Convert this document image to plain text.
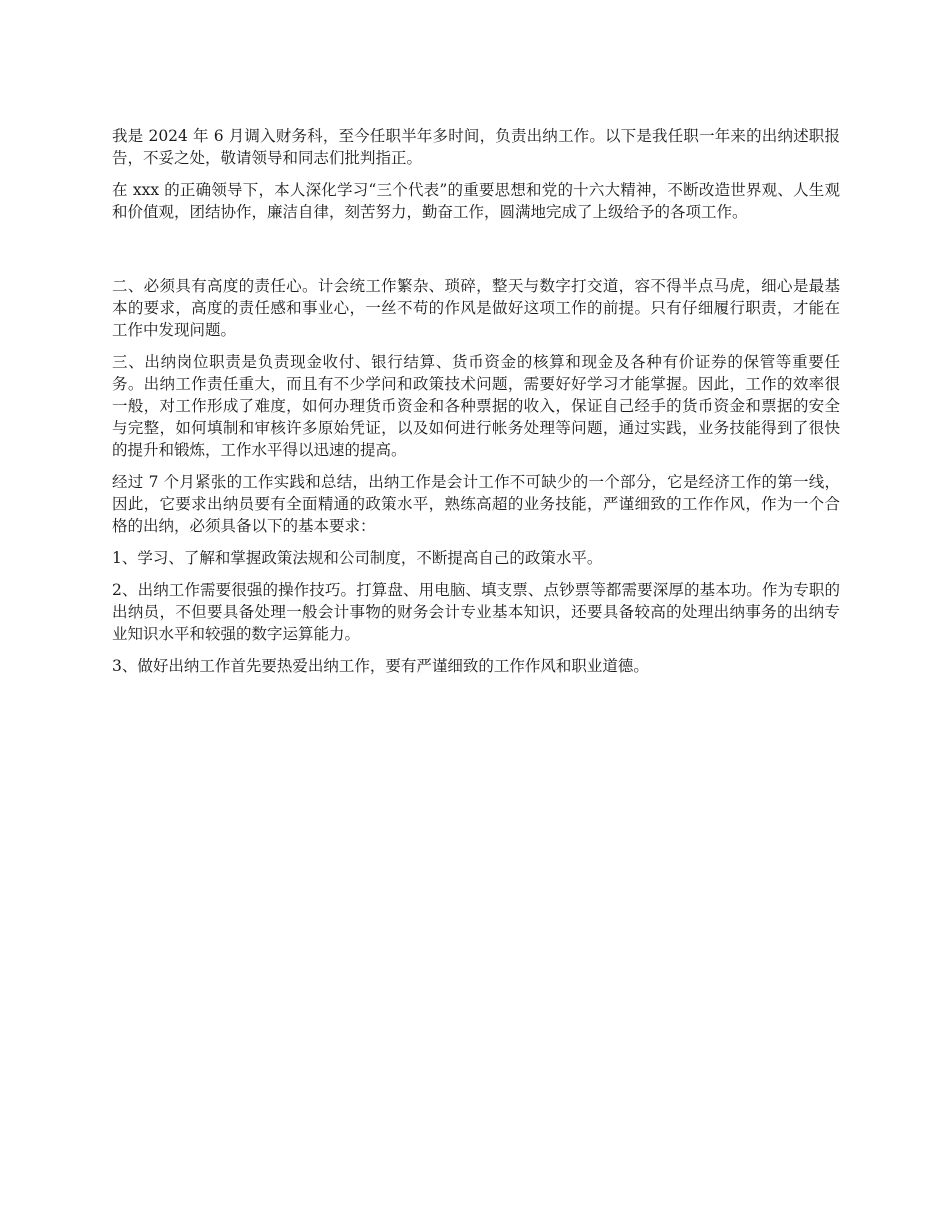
我是 2024 年 6 月调入财务科，至今任职半年多时间，负责出纳工作。以下是我任职一年来的出纳述职报告，不妥之处，敬请领导和同志们批判指正。

在 xxx 的正确领导下，本人深化学习“三个代表”的重要思想和党的十六大精神，不断改造世界观、人生观和价值观，团结协作，廉洁自律，刻苦努力，勤奋工作，圆满地完成了上级给予的各项工作。

二、必须具有高度的责任心。计会统工作繁杂、琐碎，整天与数字打交道，容不得半点马虎，细心是最基本的要求，高度的责任感和事业心，一丝不苟的作风是做好这项工作的前提。只有仔细履行职责，才能在工作中发现问题。

三、出纳岗位职责是负责现金收付、银行结算、货币资金的核算和现金及各种有价证券的保管等重要任务。出纳工作责任重大，而且有不少学问和政策技术问题，需要好好学习才能掌握。因此，工作的效率很一般，对工作形成了难度，如何办理货币资金和各种票据的收入，保证自己经手的货币资金和票据的安全与完整，如何填制和审核许多原始凭证，以及如何进行帐务处理等问题，通过实践，业务技能得到了很快的提升和锻炼，工作水平得以迅速的提高。

经过 7 个月紧张的工作实践和总结，出纳工作是会计工作不可缺少的一个部分，它是经济工作的第一线，因此，它要求出纳员要有全面精通的政策水平，熟练高超的业务技能，严谨细致的工作作风，作为一个合格的出纳，必须具备以下的基本要求：

1、学习、了解和掌握政策法规和公司制度，不断提高自己的政策水平。

2、出纳工作需要很强的操作技巧。打算盘、用电脑、填支票、点钞票等都需要深厚的基本功。作为专职的出纳员，不但要具备处理一般会计事物的财务会计专业基本知识，还要具备较高的处理出纳事务的出纳专业知识水平和较强的数字运算能力。

3、做好出纳工作首先要热爱出纳工作，要有严谨细致的工作作风和职业道德。
